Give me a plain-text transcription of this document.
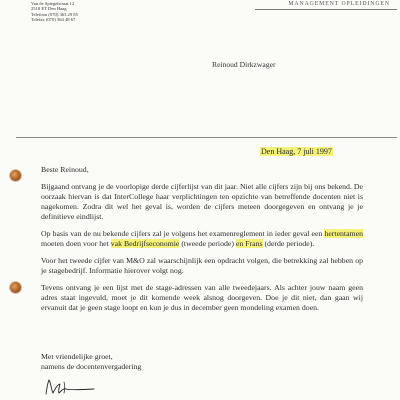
Van de Spiegelstraat 12
2518 ET Den Haag
Telefoon (070) 363 29 85
Telefax (070) 364 48 67
MANAGEMENT OPLEIDINGEN
Reinoud Dirkzwager
Den Haag, 7 juli 1997

Beste Reinoud,

Bijgaand ontvang je de voorlopige derde cijferlijst van dit jaar. Niet alle cijfers zijn bij ons bekend. De oorzaak hiervan is dat InterCollege haar verplichtingen ten opzichte van betreffende docenten niet is nagekomen. Zodra dit wel het geval is, worden de cijfers meteen doorgegeven en ontvang je je definitieve eindlijst.

Op basis van de nu bekende cijfers zal je volgens het examenreglement in ieder geval een hertentamen moeten doen voor het vak Bedrijfseconomie (tweede periode) en Frans (derde periode).

Voor het tweede cijfer van M&O zal waarschijnlijk een opdracht volgen, die betrekking zal hebben op je stagebedrijf. Informatie hierover volgt nog.

Tevens ontvang je een lijst met de stage-adressen van alle tweedejaars. Als achter jouw naam geen adres staat ingevuld, moet je dit komende week alsnog doorgeven. Doe je dit niet, dan gaan wij ervanuit dat je geen stage loopt en kun je dus in december geen mondeling examen doen.

Met vriendelijke groet,
namens de docentenvergadering
